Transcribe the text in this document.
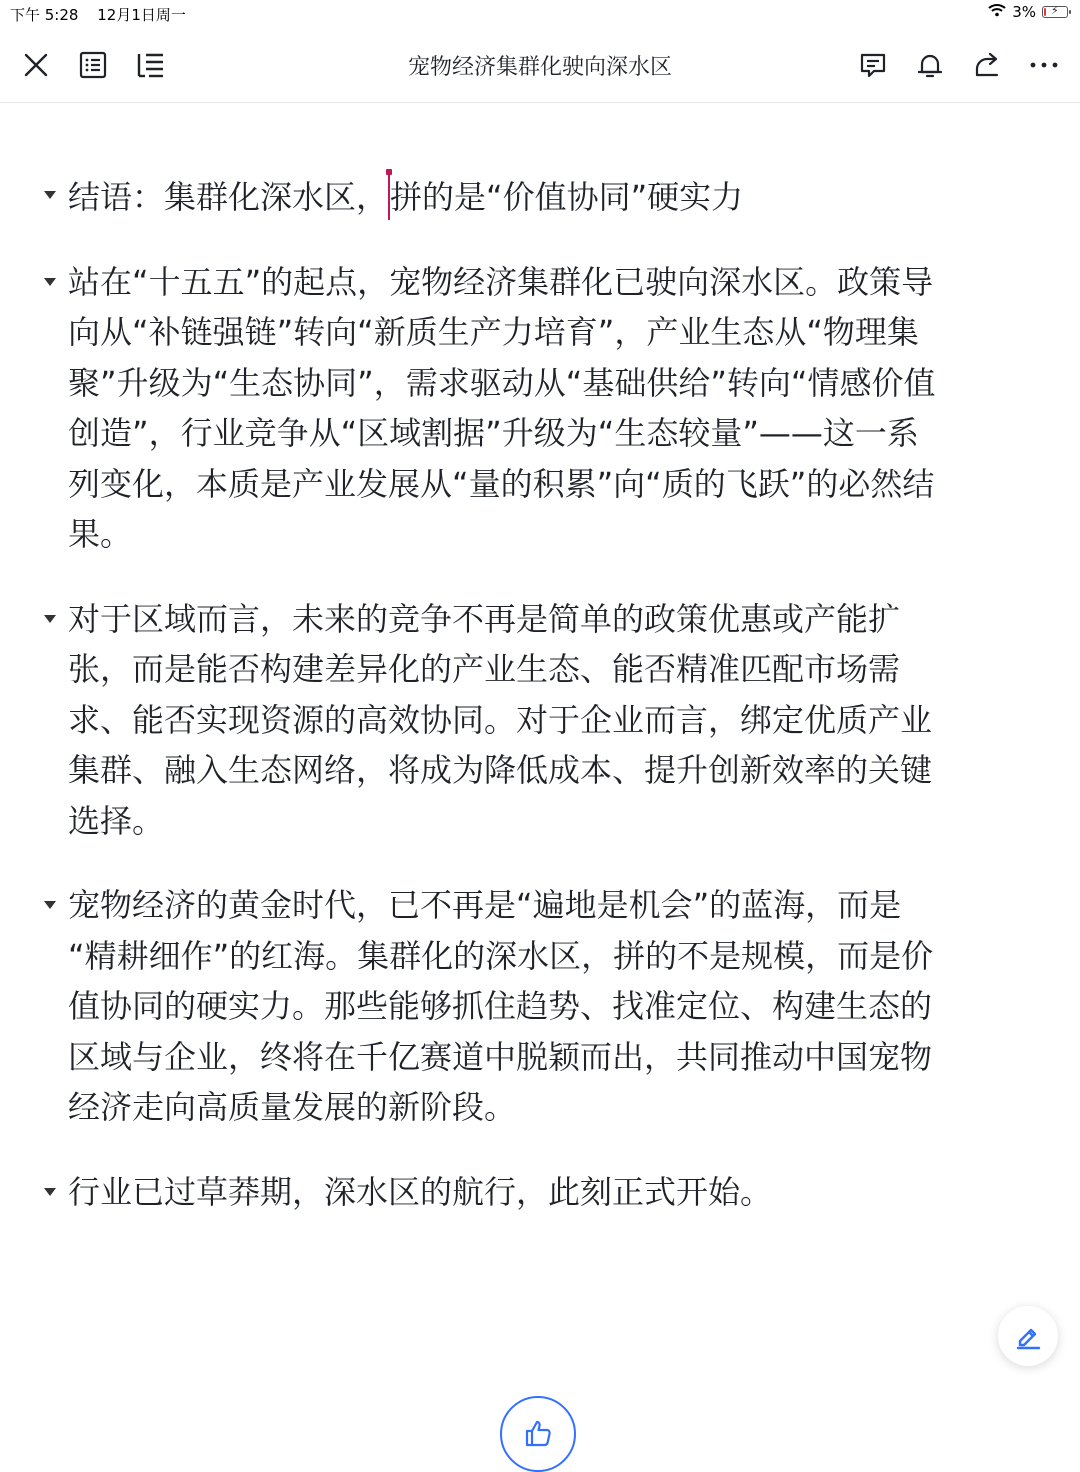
下午 5:28 12月1日周一	3% ⚡
宠物经济集群化驶向深水区
结语：集群化深水区，拼的是“价值协同”硬实力
站在“十五五”的起点，宠物经济集群化已驶向深水区。政策导
向从“补链强链”转向“新质生产力培育”，产业生态从“物理集
聚”升级为“生态协同”，需求驱动从“基础供给”转向“情感价值
创造”，行业竞争从“区域割据”升级为“生态较量”——这一系
列变化，本质是产业发展从“量的积累”向“质的飞跃”的必然结
果。
对于区域而言，未来的竞争不再是简单的政策优惠或产能扩
张，而是能否构建差异化的产业生态、能否精准匹配市场需
求、能否实现资源的高效协同。对于企业而言，绑定优质产业
集群、融入生态网络，将成为降低成本、提升创新效率的关键
选择。
宠物经济的黄金时代，已不再是“遍地是机会”的蓝海，而是
“精耕细作”的红海。集群化的深水区，拼的不是规模，而是价
值协同的硬实力。那些能够抓住趋势、找准定位、构建生态的
区域与企业，终将在千亿赛道中脱颖而出，共同推动中国宠物
经济走向高质量发展的新阶段。
行业已过草莽期，深水区的航行，此刻正式开始。
